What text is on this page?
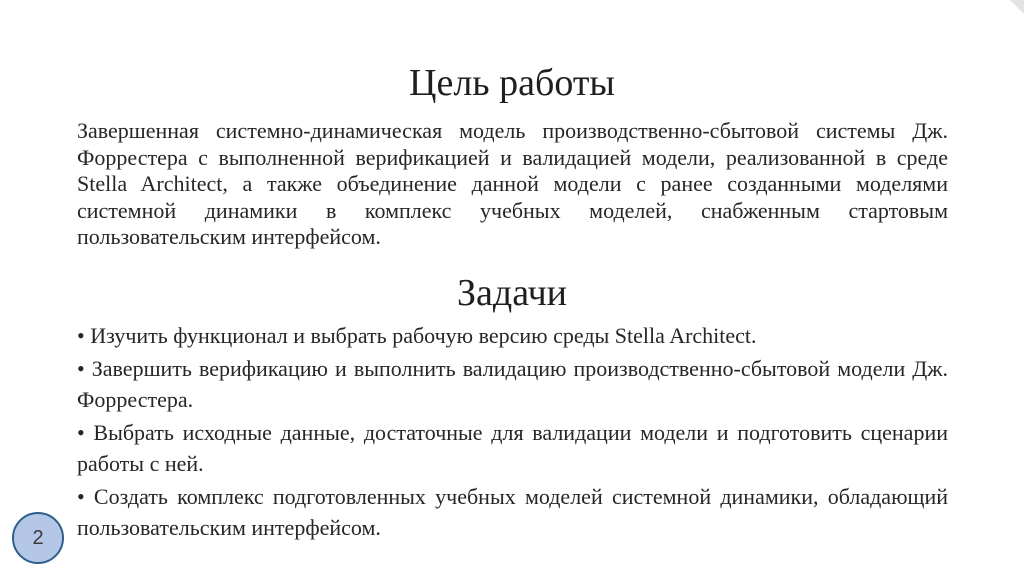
Цель работы
Завершенная системно-динамическая модель производственно-сбытовой системы Дж. Форрестера с выполненной верификацией и валидацией модели, реализованной в среде Stella Architect, а также объединение данной модели с ранее созданными моделями системной динамики в комплекс учебных моделей, снабженным стартовым пользовательским интерфейсом.
Задачи
• Изучить функционал и выбрать рабочую версию среды Stella Architect.
• Завершить верификацию и выполнить валидацию производственно-сбытовой модели Дж. Форрестера.
• Выбрать исходные данные, достаточные для валидации модели и подготовить сценарии работы с ней.
• Создать комплекс подготовленных учебных моделей системной динамики, обладающий пользовательским интерфейсом.
2
